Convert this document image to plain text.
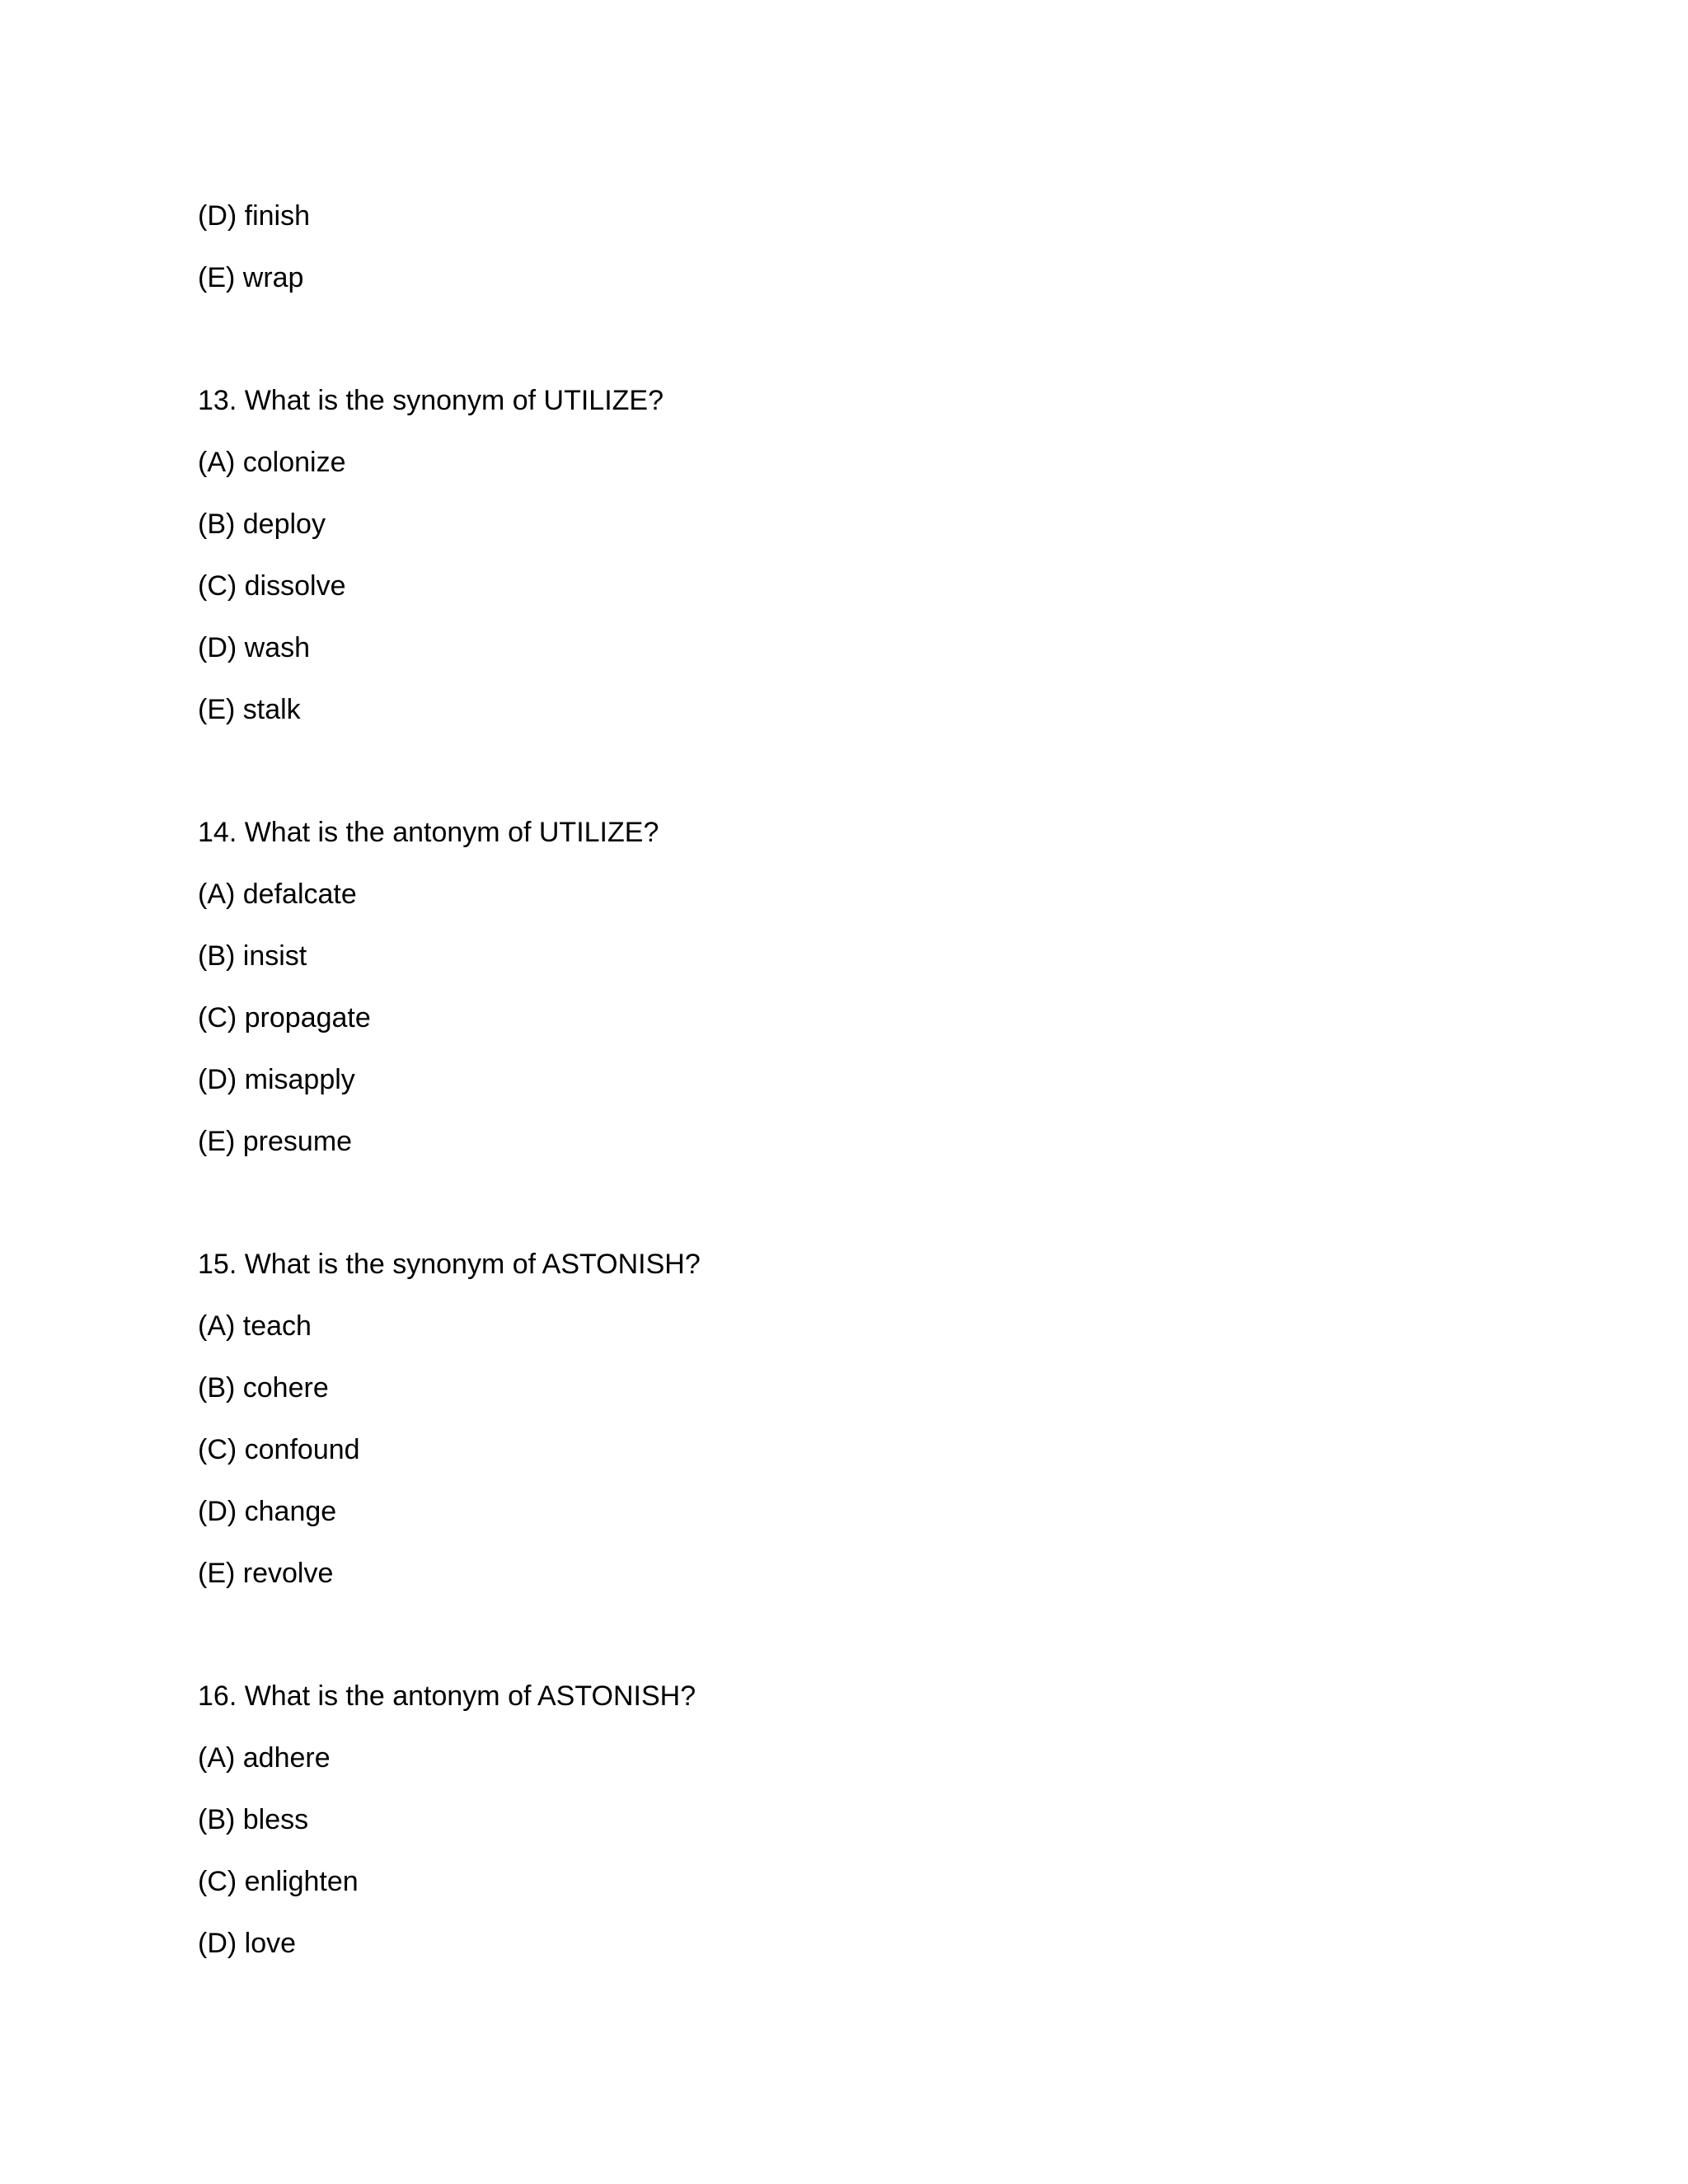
(D) finish
(E) wrap
13. What is the synonym of UTILIZE?
(A) colonize
(B) deploy
(C) dissolve
(D) wash
(E) stalk
14. What is the antonym of UTILIZE?
(A) defalcate
(B) insist
(C) propagate
(D) misapply
(E) presume
15. What is the synonym of ASTONISH?
(A) teach
(B) cohere
(C) confound
(D) change
(E) revolve
16. What is the antonym of ASTONISH?
(A) adhere
(B) bless
(C) enlighten
(D) love
